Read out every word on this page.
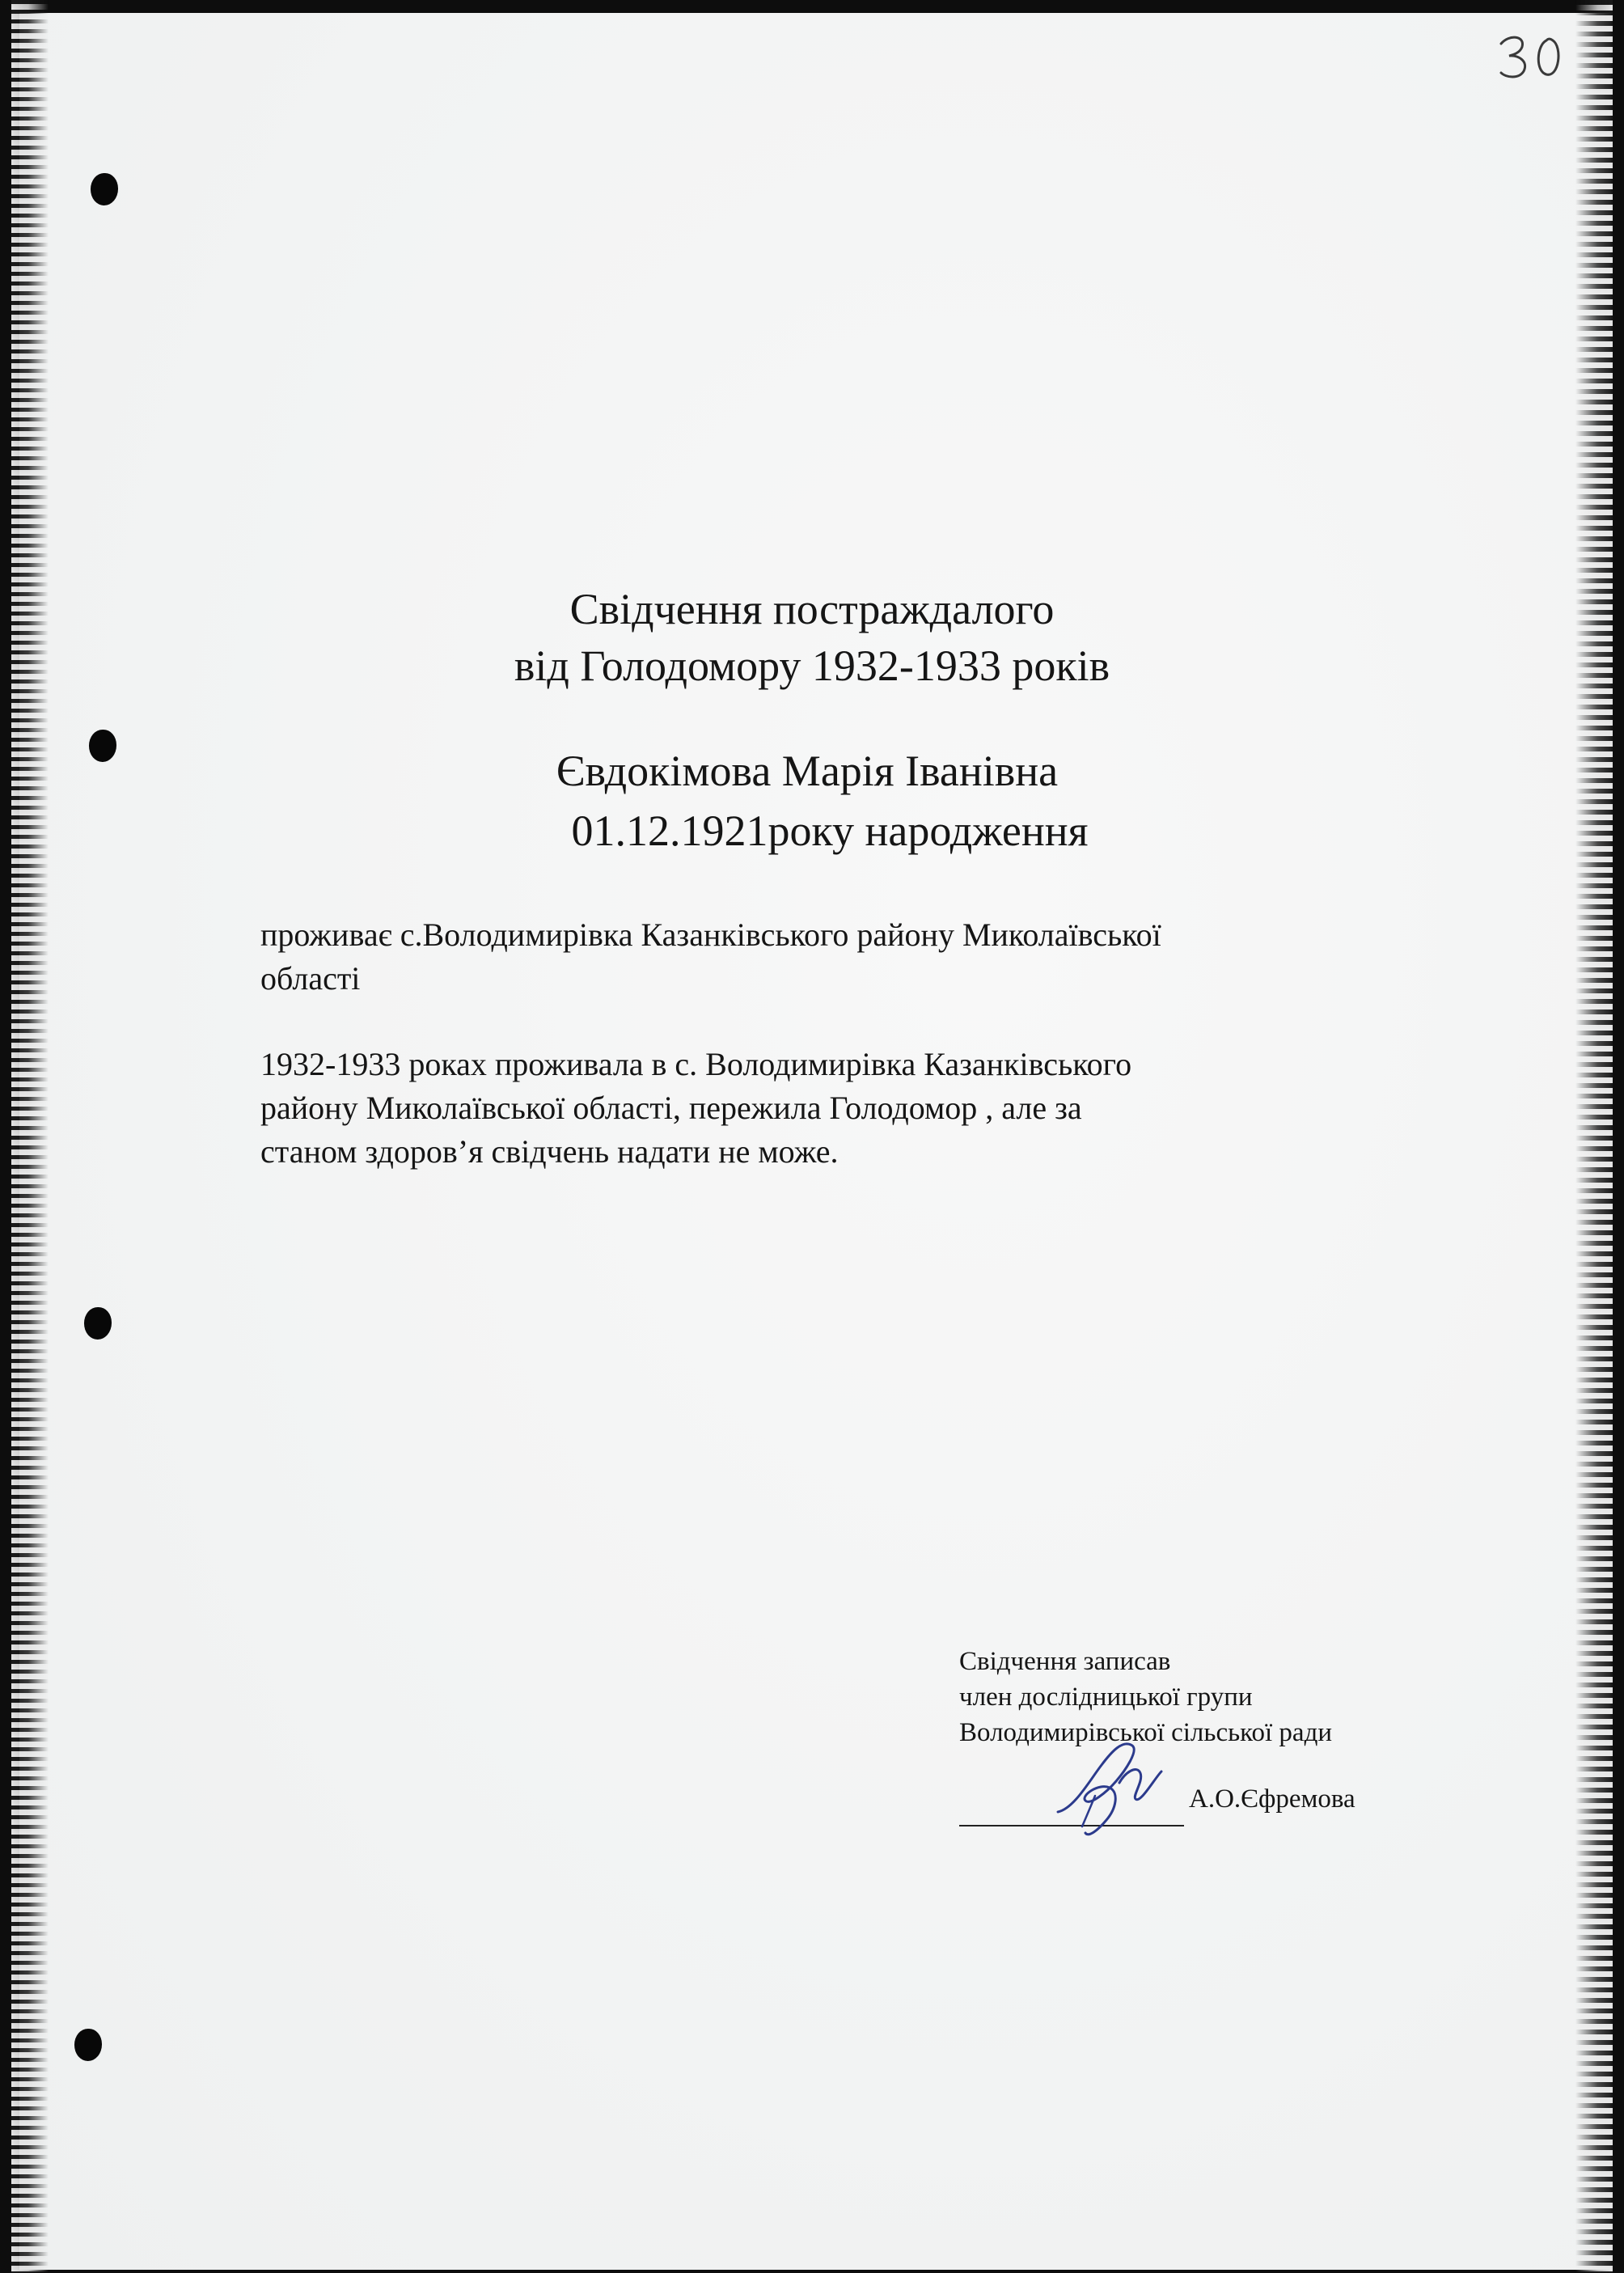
Свідчення постраждалого
від Голодомору 1932-1933 років
Євдокімова Марія Іванівна
01.12.1921року народження
проживає с.Володимирівка Казанківського району Миколаївської
області
1932-1933 роках проживала в с. Володимирівка Казанківського
району Миколаївської області, пережила Голодомор , але за
станом здоров’я свідчень надати не може.
Свідчення записав
член дослідницької групи
Володимирівської сільської ради
А.О.Єфремова
